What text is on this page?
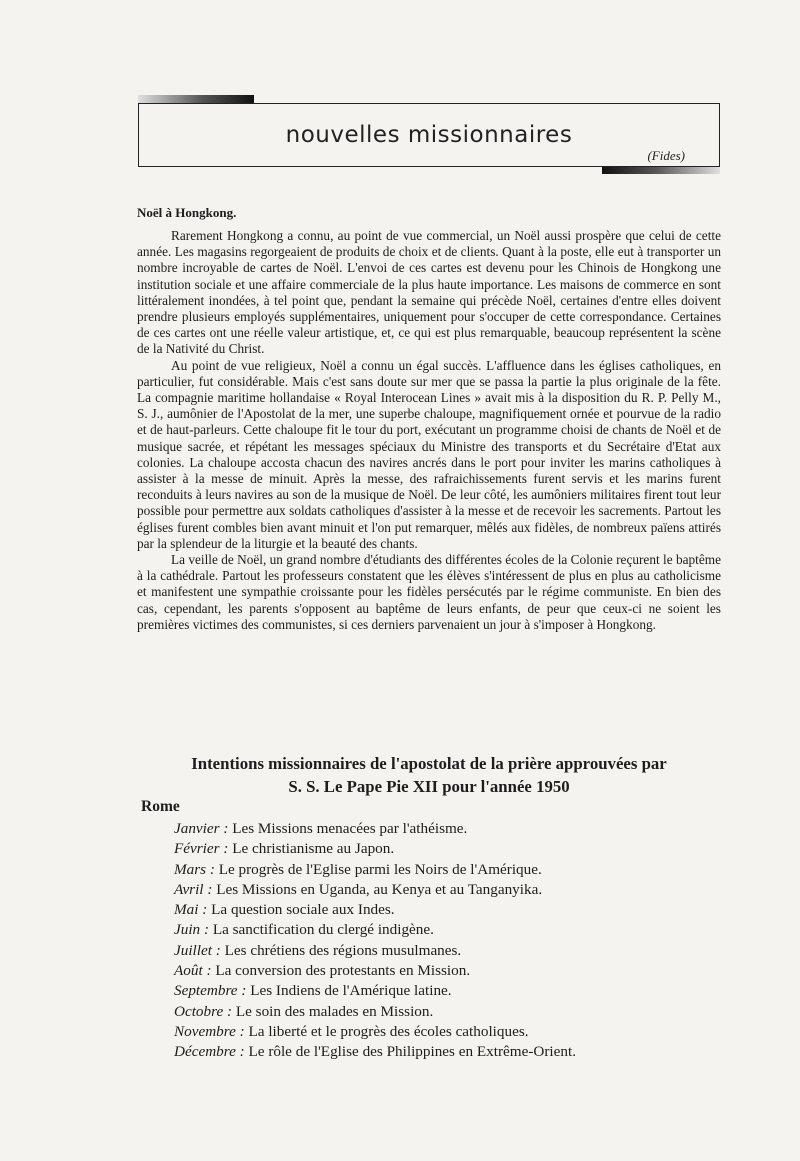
nouvelles missionnaires
(Fides)
Noël à Hongkong.

Rarement Hongkong a connu, au point de vue commercial, un Noël aussi prospère que celui de cette année. Les magasins regorgeaient de produits de choix et de clients. Quant à la poste, elle eut à transporter un nombre incroyable de cartes de Noël. L'envoi de ces cartes est devenu pour les Chinois de Hongkong une institution sociale et une affaire commerciale de la plus haute importance. Les maisons de commerce en sont littéralement inondées, à tel point que, pendant la semaine qui précède Noël, certaines d'entre elles doivent prendre plusieurs employés supplémentaires, uniquement pour s'occuper de cette correspondance. Certaines de ces cartes ont une réelle valeur artistique, et, ce qui est plus remarquable, beaucoup représentent la scène de la Nativité du Christ.

Au point de vue religieux, Noël a connu un égal succès. L'affluence dans les églises catholiques, en particulier, fut considérable. Mais c'est sans doute sur mer que se passa la partie la plus originale de la fête. La compagnie maritime hollandaise « Royal Interocean Lines » avait mis à la disposition du R. P. Pelly M., S. J., aumônier de l'Apostolat de la mer, une superbe chaloupe, magnifiquement ornée et pourvue de la radio et de haut-parleurs. Cette chaloupe fit le tour du port, exécutant un programme choisi de chants de Noël et de musique sacrée, et répétant les messages spéciaux du Ministre des transports et du Secrétaire d'Etat aux colonies. La chaloupe accosta chacun des navires ancrés dans le port pour inviter les marins catholiques à assister à la messe de minuit. Après la messe, des rafraichissements furent servis et les marins furent reconduits à leurs navires au son de la musique de Noël. De leur côté, les aumôniers militaires firent tout leur possible pour permettre aux soldats catholiques d'assister à la messe et de recevoir les sacrements. Partout les églises furent combles bien avant minuit et l'on put remarquer, mêlés aux fidèles, de nombreux païens attirés par la splendeur de la liturgie et la beauté des chants.

La veille de Noël, un grand nombre d'étudiants des différentes écoles de la Colonie reçurent le baptême à la cathédrale. Partout les professeurs constatent que les élèves s'intéressent de plus en plus au catholicisme et manifestent une sympathie croissante pour les fidèles persécutés par le régime communiste. En bien des cas, cependant, les parents s'opposent au baptême de leurs enfants, de peur que ceux-ci ne soient les premières victimes des communistes, si ces derniers parvenaient un jour à s'imposer à Hongkong.

Intentions missionnaires de l'apostolat de la prière approuvées par
S. S. Le Pape Pie XII pour l'année 1950
Rome
Janvier : Les Missions menacées par l'athéisme.
Février : Le christianisme au Japon.
Mars : Le progrès de l'Eglise parmi les Noirs de l'Amérique.
Avril : Les Missions en Uganda, au Kenya et au Tanganyika.
Mai : La question sociale aux Indes.
Juin : La sanctification du clergé indigène.
Juillet : Les chrétiens des régions musulmanes.
Août : La conversion des protestants en Mission.
Septembre : Les Indiens de l'Amérique latine.
Octobre : Le soin des malades en Mission.
Novembre : La liberté et le progrès des écoles catholiques.
Décembre : Le rôle de l'Eglise des Philippines en Extrême-Orient.
